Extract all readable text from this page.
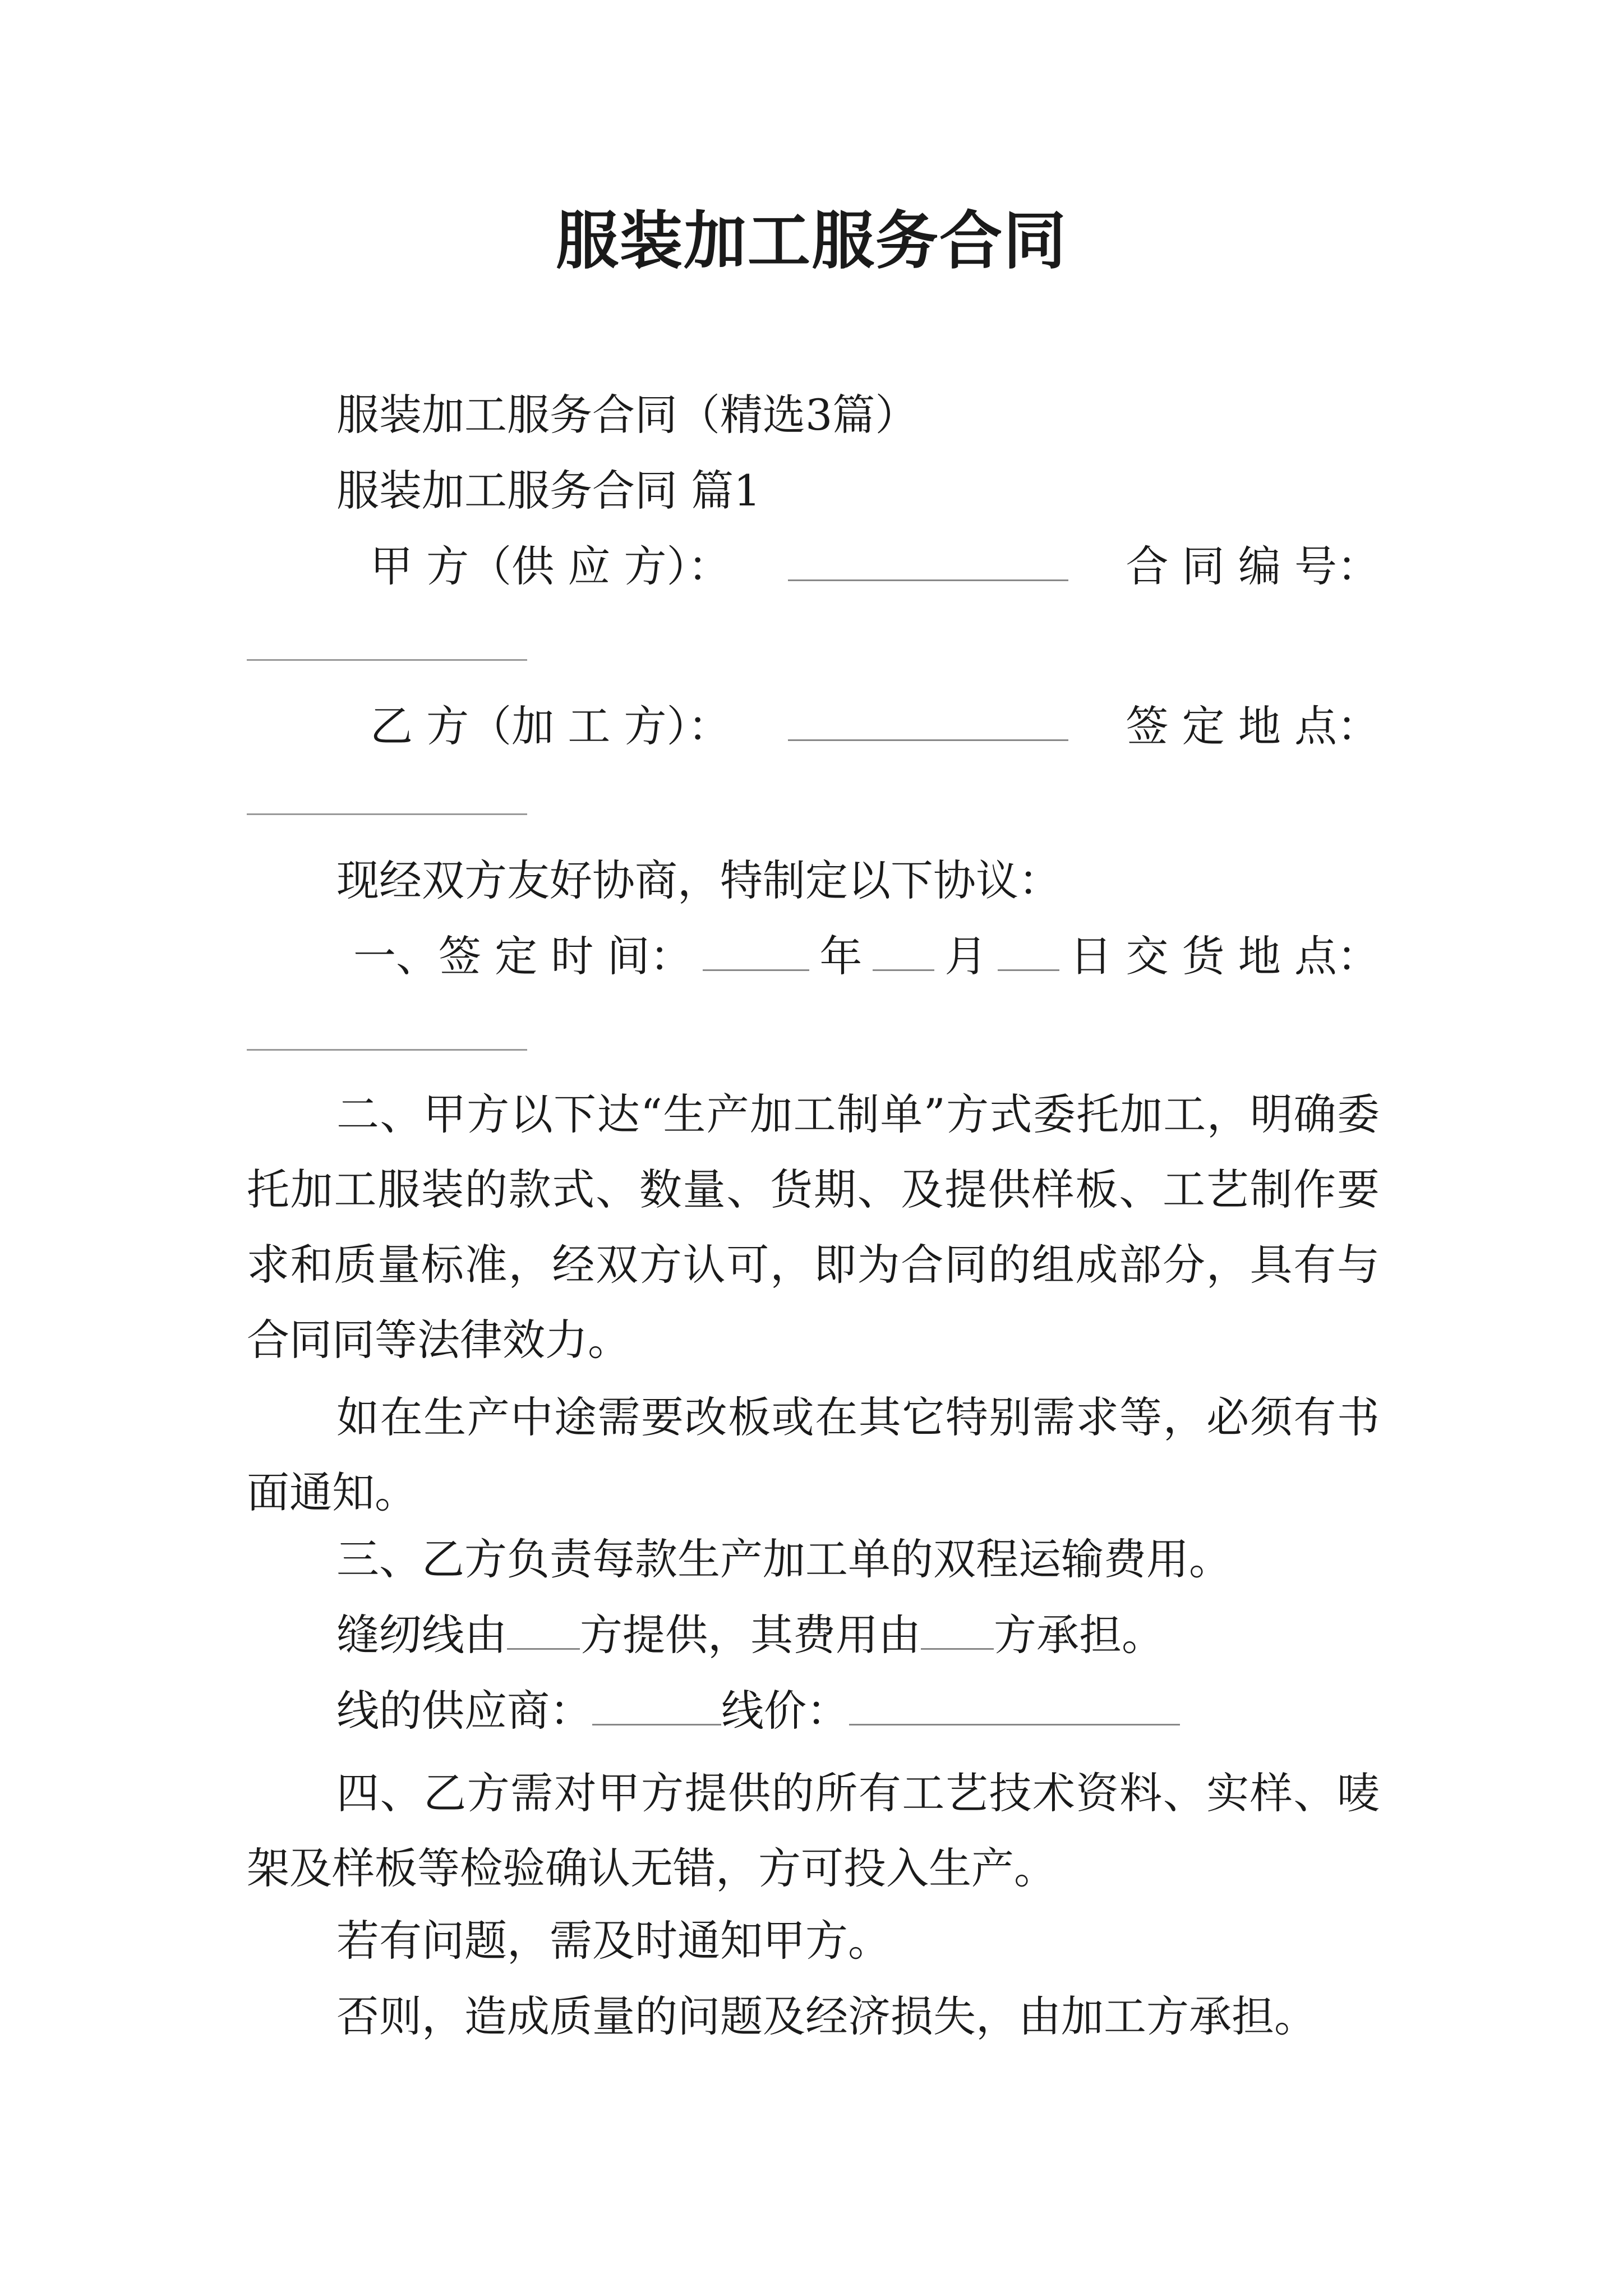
服装加工服务合同
服装加工服务合同（精选3篇）
服装加工服务合同 篇1
甲 方（供 应 方）：	合 同 编 号：
乙 方（加 工 方）：	签 定 地 点：
现经双方友好协商，特制定以下协议：
一、签 定 时 间：	年 月 日 交 货 地 点：
二、甲方以下达“生产加工制单”方式委托加工，明确委托加工服装的款式、数量、货期、及提供样板、工艺制作要求和质量标准，经双方认可，即为合同的组成部分，具有与合同同等法律效力。
如在生产中途需要改板或在其它特别需求等，必须有书面通知。
三、乙方负责每款生产加工单的双程运输费用。
缝纫线由 方提供，其费用由 方承担。
线的供应商：	线价：
四、乙方需对甲方提供的所有工艺技术资料、实样、唛架及样板等检验确认无错，方可投入生产。
若有问题，需及时通知甲方。
否则，造成质量的问题及经济损失，由加工方承担。
